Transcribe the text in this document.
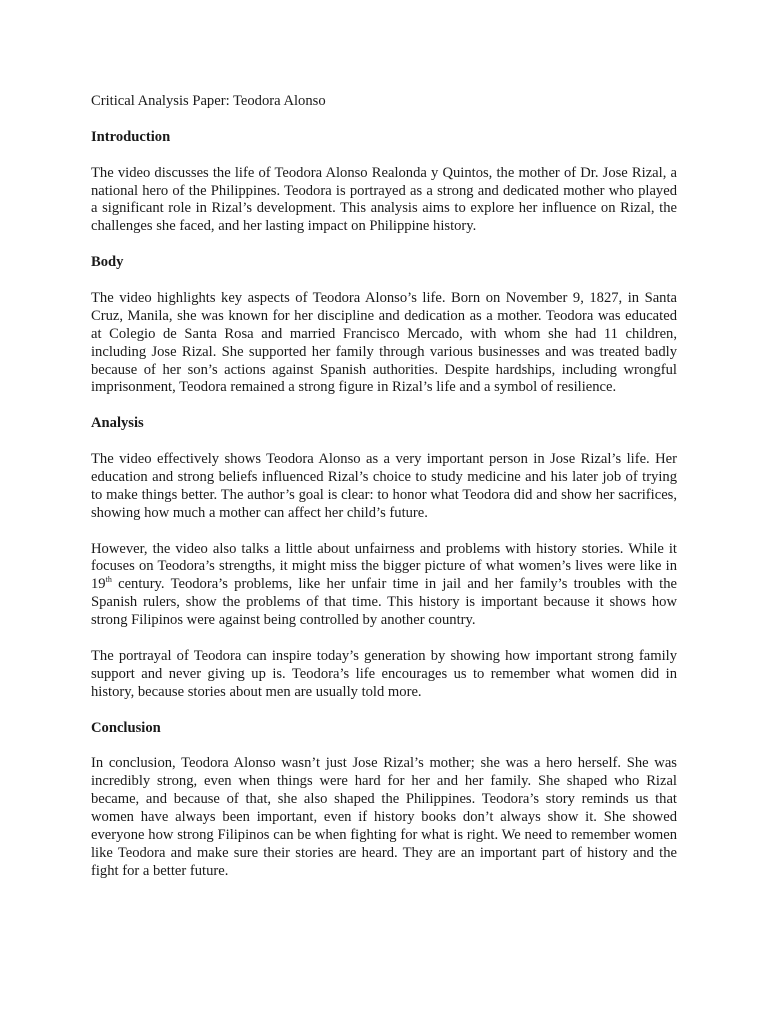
Critical Analysis Paper: Teodora Alonso

Introduction

The video discusses the life of Teodora Alonso Realonda y Quintos, the mother of Dr. Jose Rizal, a national hero of the Philippines. Teodora is portrayed as a strong and dedicated mother who played a significant role in Rizal’s development. This analysis aims to explore her influence on Rizal, the challenges she faced, and her lasting impact on Philippine history.

Body

The video highlights key aspects of Teodora Alonso’s life. Born on November 9, 1827, in Santa Cruz, Manila, she was known for her discipline and dedication as a mother. Teodora was educated at Colegio de Santa Rosa and married Francisco Mercado, with whom she had 11 children, including Jose Rizal. She supported her family through various businesses and was treated badly because of her son’s actions against Spanish authorities. Despite hardships, including wrongful imprisonment, Teodora remained a strong figure in Rizal’s life and a symbol of resilience.

Analysis

The video effectively shows Teodora Alonso as a very important person in Jose Rizal’s life. Her education and strong beliefs influenced Rizal’s choice to study medicine and his later job of trying to make things better. The author’s goal is clear: to honor what Teodora did and show her sacrifices, showing how much a mother can affect her child’s future.

However, the video also talks a little about unfairness and problems with history stories. While it focuses on Teodora’s strengths, it might miss the bigger picture of what women’s lives were like in 19th century. Teodora’s problems, like her unfair time in jail and her family’s troubles with the Spanish rulers, show the problems of that time. This history is important because it shows how strong Filipinos were against being controlled by another country.

The portrayal of Teodora can inspire today’s generation by showing how important strong family support and never giving up is. Teodora’s life encourages us to remember what women did in history, because stories about men are usually told more.

Conclusion

In conclusion, Teodora Alonso wasn’t just Jose Rizal’s mother; she was a hero herself. She was incredibly strong, even when things were hard for her and her family. She shaped who Rizal became, and because of that, she also shaped the Philippines. Teodora’s story reminds us that women have always been important, even if history books don’t always show it. She showed everyone how strong Filipinos can be when fighting for what is right. We need to remember women like Teodora and make sure their stories are heard. They are an important part of history and the fight for a better future.
